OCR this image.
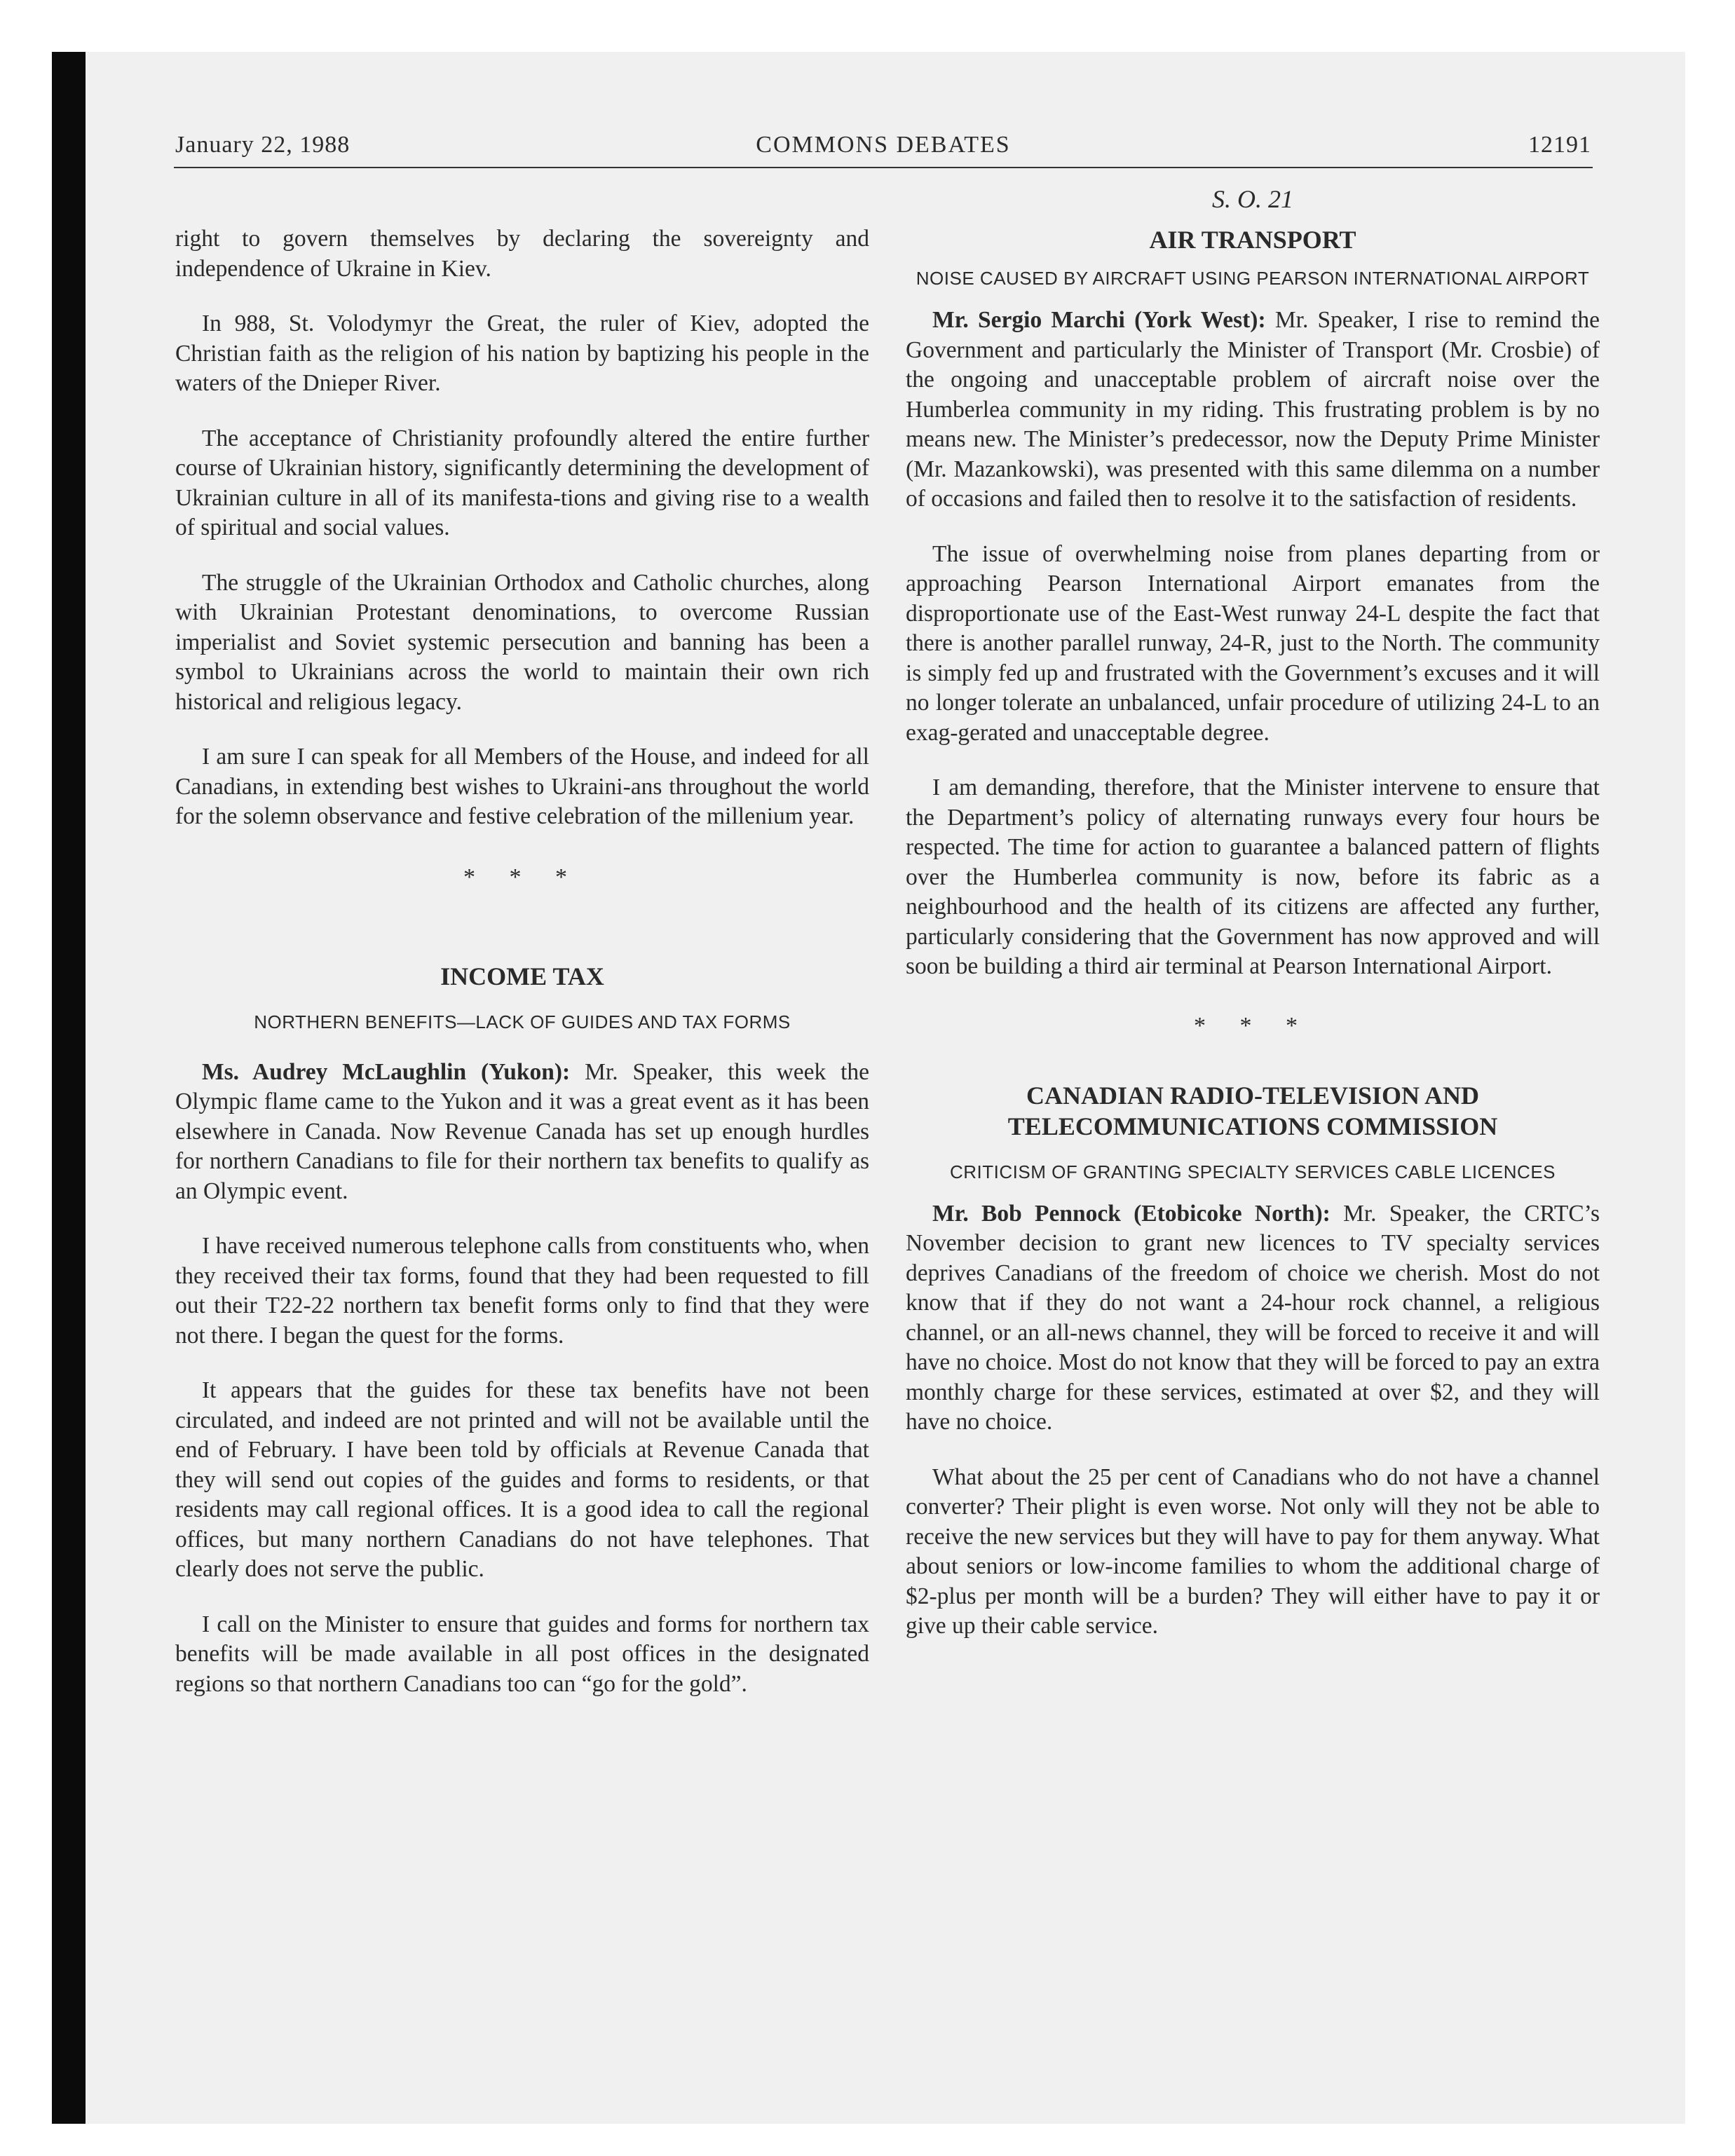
January 22, 1988	COMMONS DEBATES	12191

right to govern themselves by declaring the sovereignty and independence of Ukraine in Kiev.

In 988, St. Volodymyr the Great, the ruler of Kiev, adopted the Christian faith as the religion of his nation by baptizing his people in the waters of the Dnieper River.

The acceptance of Christianity profoundly altered the entire further course of Ukrainian history, significantly determining the development of Ukrainian culture in all of its manifesta-tions and giving rise to a wealth of spiritual and social values.

The struggle of the Ukrainian Orthodox and Catholic churches, along with Ukrainian Protestant denominations, to overcome Russian imperialist and Soviet systemic persecution and banning has been a symbol to Ukrainians across the world to maintain their own rich historical and religious legacy.

I am sure I can speak for all Members of the House, and indeed for all Canadians, in extending best wishes to Ukraini-ans throughout the world for the solemn observance and festive celebration of the millenium year.

* * *
INCOME TAX
NORTHERN BENEFITS—LACK OF GUIDES AND TAX FORMS

Ms. Audrey McLaughlin (Yukon): Mr. Speaker, this week the Olympic flame came to the Yukon and it was a great event as it has been elsewhere in Canada. Now Revenue Canada has set up enough hurdles for northern Canadians to file for their northern tax benefits to qualify as an Olympic event.

I have received numerous telephone calls from constituents who, when they received their tax forms, found that they had been requested to fill out their T22-22 northern tax benefit forms only to find that they were not there. I began the quest for the forms.

It appears that the guides for these tax benefits have not been circulated, and indeed are not printed and will not be available until the end of February. I have been told by officials at Revenue Canada that they will send out copies of the guides and forms to residents, or that residents may call regional offices. It is a good idea to call the regional offices, but many northern Canadians do not have telephones. That clearly does not serve the public.

I call on the Minister to ensure that guides and forms for northern tax benefits will be made available in all post offices in the designated regions so that northern Canadians too can “go for the gold”.

S. O. 21
AIR TRANSPORT
NOISE CAUSED BY AIRCRAFT USING PEARSON INTERNATIONAL AIRPORT

Mr. Sergio Marchi (York West): Mr. Speaker, I rise to remind the Government and particularly the Minister of Transport (Mr. Crosbie) of the ongoing and unacceptable problem of aircraft noise over the Humberlea community in my riding. This frustrating problem is by no means new. The Minister’s predecessor, now the Deputy Prime Minister (Mr. Mazankowski), was presented with this same dilemma on a number of occasions and failed then to resolve it to the satisfaction of residents.

The issue of overwhelming noise from planes departing from or approaching Pearson International Airport emanates from the disproportionate use of the East-West runway 24-L despite the fact that there is another parallel runway, 24-R, just to the North. The community is simply fed up and frustrated with the Government’s excuses and it will no longer tolerate an unbalanced, unfair procedure of utilizing 24-L to an exag-gerated and unacceptable degree.

I am demanding, therefore, that the Minister intervene to ensure that the Department’s policy of alternating runways every four hours be respected. The time for action to guarantee a balanced pattern of flights over the Humberlea community is now, before its fabric as a neighbourhood and the health of its citizens are affected any further, particularly considering that the Government has now approved and will soon be building a third air terminal at Pearson International Airport.

* * *
CANADIAN RADIO-TELEVISION AND TELECOMMUNICATIONS COMMISSION
CRITICISM OF GRANTING SPECIALTY SERVICES CABLE LICENCES

Mr. Bob Pennock (Etobicoke North): Mr. Speaker, the CRTC’s November decision to grant new licences to TV specialty services deprives Canadians of the freedom of choice we cherish. Most do not know that if they do not want a 24-hour rock channel, a religious channel, or an all-news channel, they will be forced to receive it and will have no choice. Most do not know that they will be forced to pay an extra monthly charge for these services, estimated at over $2, and they will have no choice.

What about the 25 per cent of Canadians who do not have a channel converter? Their plight is even worse. Not only will they not be able to receive the new services but they will have to pay for them anyway. What about seniors or low-income families to whom the additional charge of $2-plus per month will be a burden? They will either have to pay it or give up their cable service.
